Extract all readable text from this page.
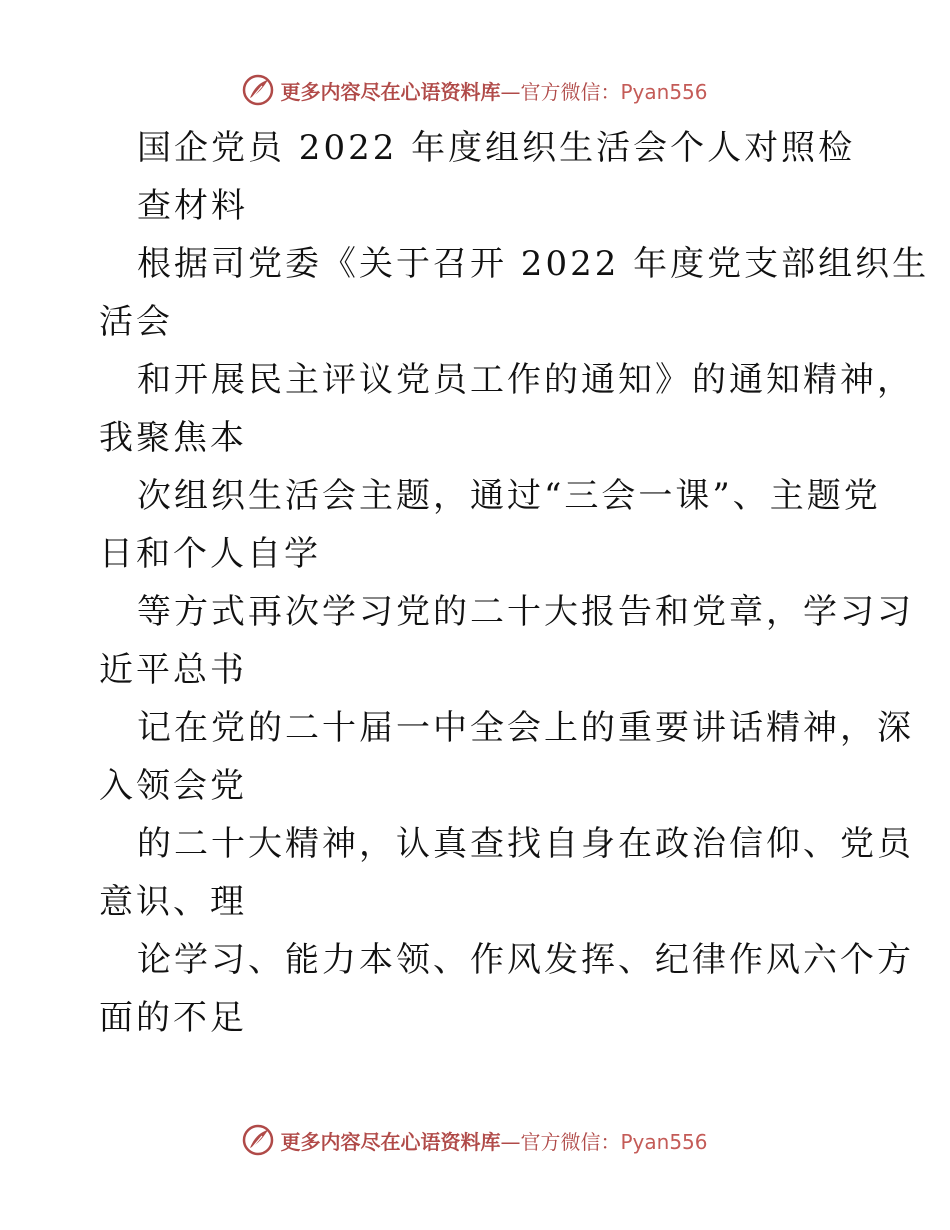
更多内容尽在心语资料库—官方微信：Pyan556
国企党员 2022 年度组织生活会个人对照检
查材料
根据司党委《关于召开 2022 年度党支部组织生
活会
和开展民主评议党员工作的通知》的通知精神，
我聚焦本
次组织生活会主题，通过“三会一课”、主题党
日和个人自学
等方式再次学习党的二十大报告和党章，学习习
近平总书
记在党的二十届一中全会上的重要讲话精神，深
入领会党
的二十大精神，认真查找自身在政治信仰、党员
意识、理
论学习、能力本领、作风发挥、纪律作风六个方
面的不足
更多内容尽在心语资料库—官方微信：Pyan556
